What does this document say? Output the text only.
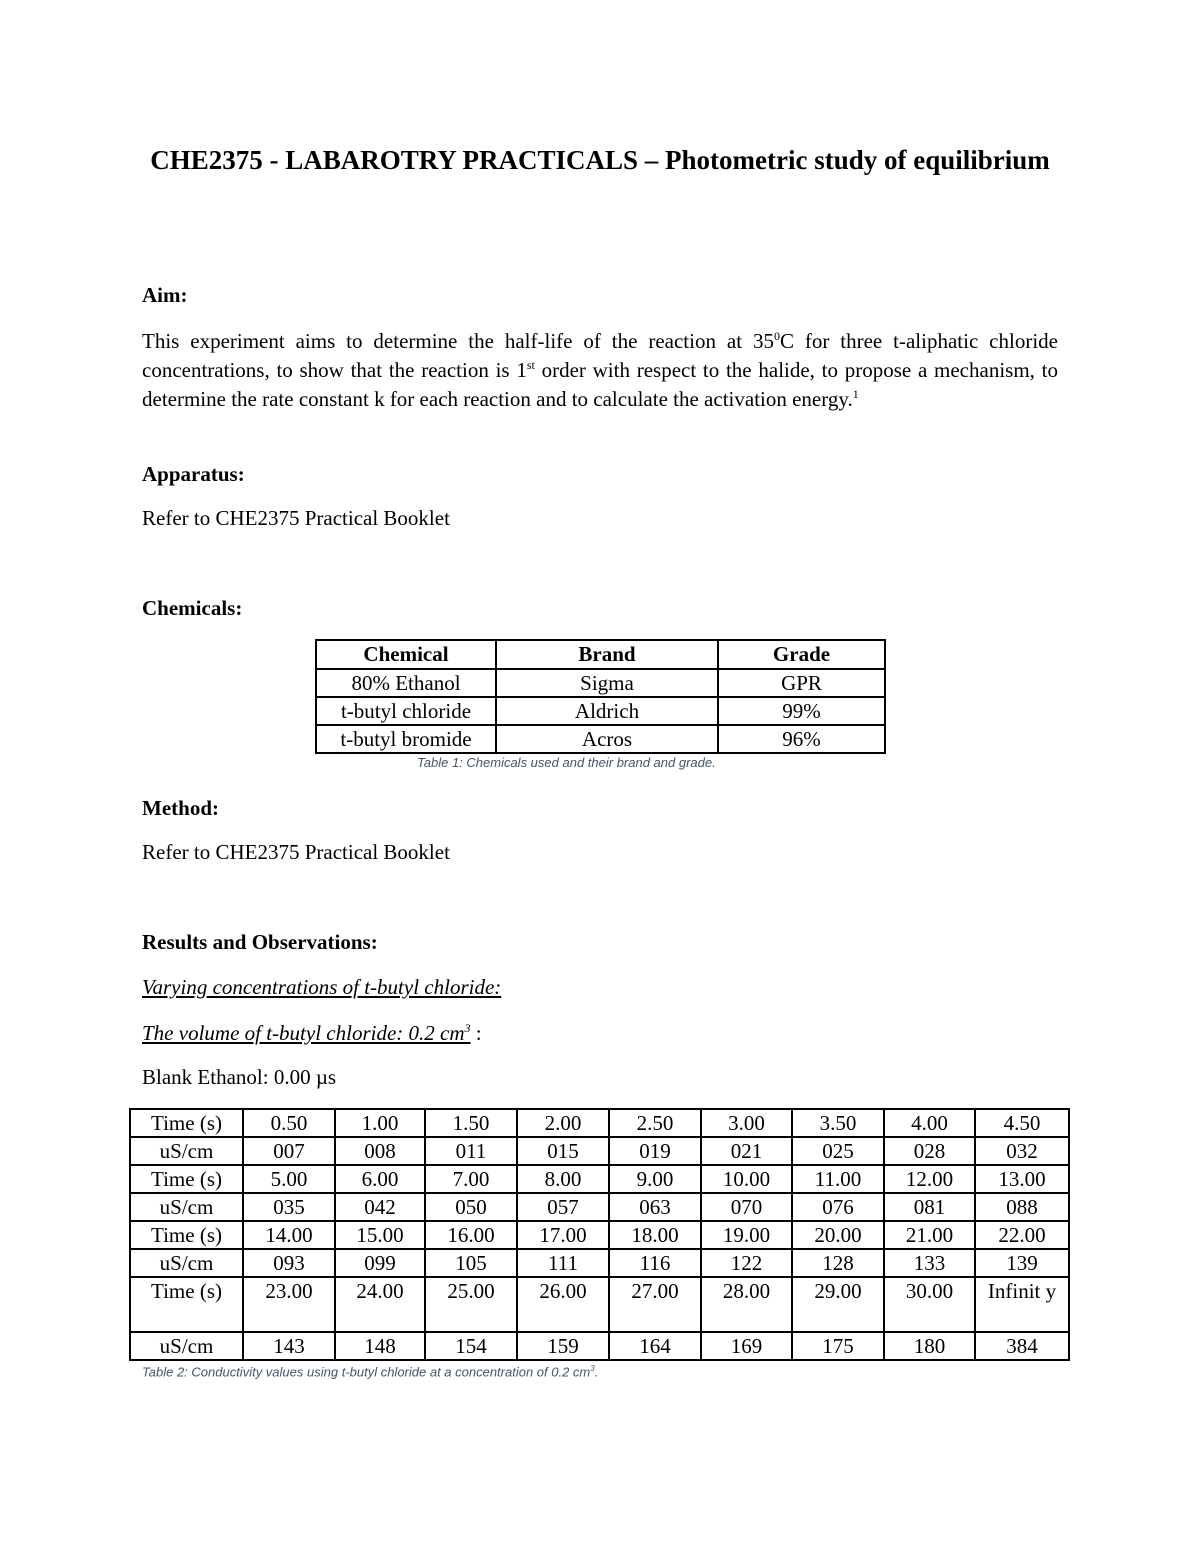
CHE2375 - LABAROTRY PRACTICALS – Photometric study of equilibrium
Aim:
This experiment aims to determine the half-life of the reaction at $35^0C$ for three t-aliphatic chloride concentrations, to show that the reaction is 1st order with respect to the halide, to propose a mechanism, to determine the rate constant k for each reaction and to calculate the activation energy.$^1$
Apparatus:
Refer to CHE2375 Practical Booklet
Chemicals:
Chemical	Brand	Grade
80% Ethanol	Sigma	GPR
t-butyl chloride	Aldrich	99%
t-butyl bromide	Acros	96%
Table 1: Chemicals used and their brand and grade.
Method:
Refer to CHE2375 Practical Booklet
Results and Observations:
Varying concentrations of t-butyl chloride:
The volume of t-butyl chloride: 0.2 $cm^3$ :
Blank Ethanol: 0.00 µs
Time (s)	0.50	1.00	1.50	2.00	2.50	3.00	3.50	4.00	4.50
uS/cm	007	008	011	015	019	021	025	028	032
Time (s)	5.00	6.00	7.00	8.00	9.00	10.00	11.00	12.00	13.00
uS/cm	035	042	050	057	063	070	076	081	088
Time (s)	14.00	15.00	16.00	17.00	18.00	19.00	20.00	21.00	22.00
uS/cm	093	099	105	111	116	122	128	133	139
Time (s)	23.00	24.00	25.00	26.00	27.00	28.00	29.00	30.00	Infinit y
uS/cm	143	148	154	159	164	169	175	180	384
Table 2: Conductivity values using t-butyl chloride at a concentration of 0.2 $cm^3$.
